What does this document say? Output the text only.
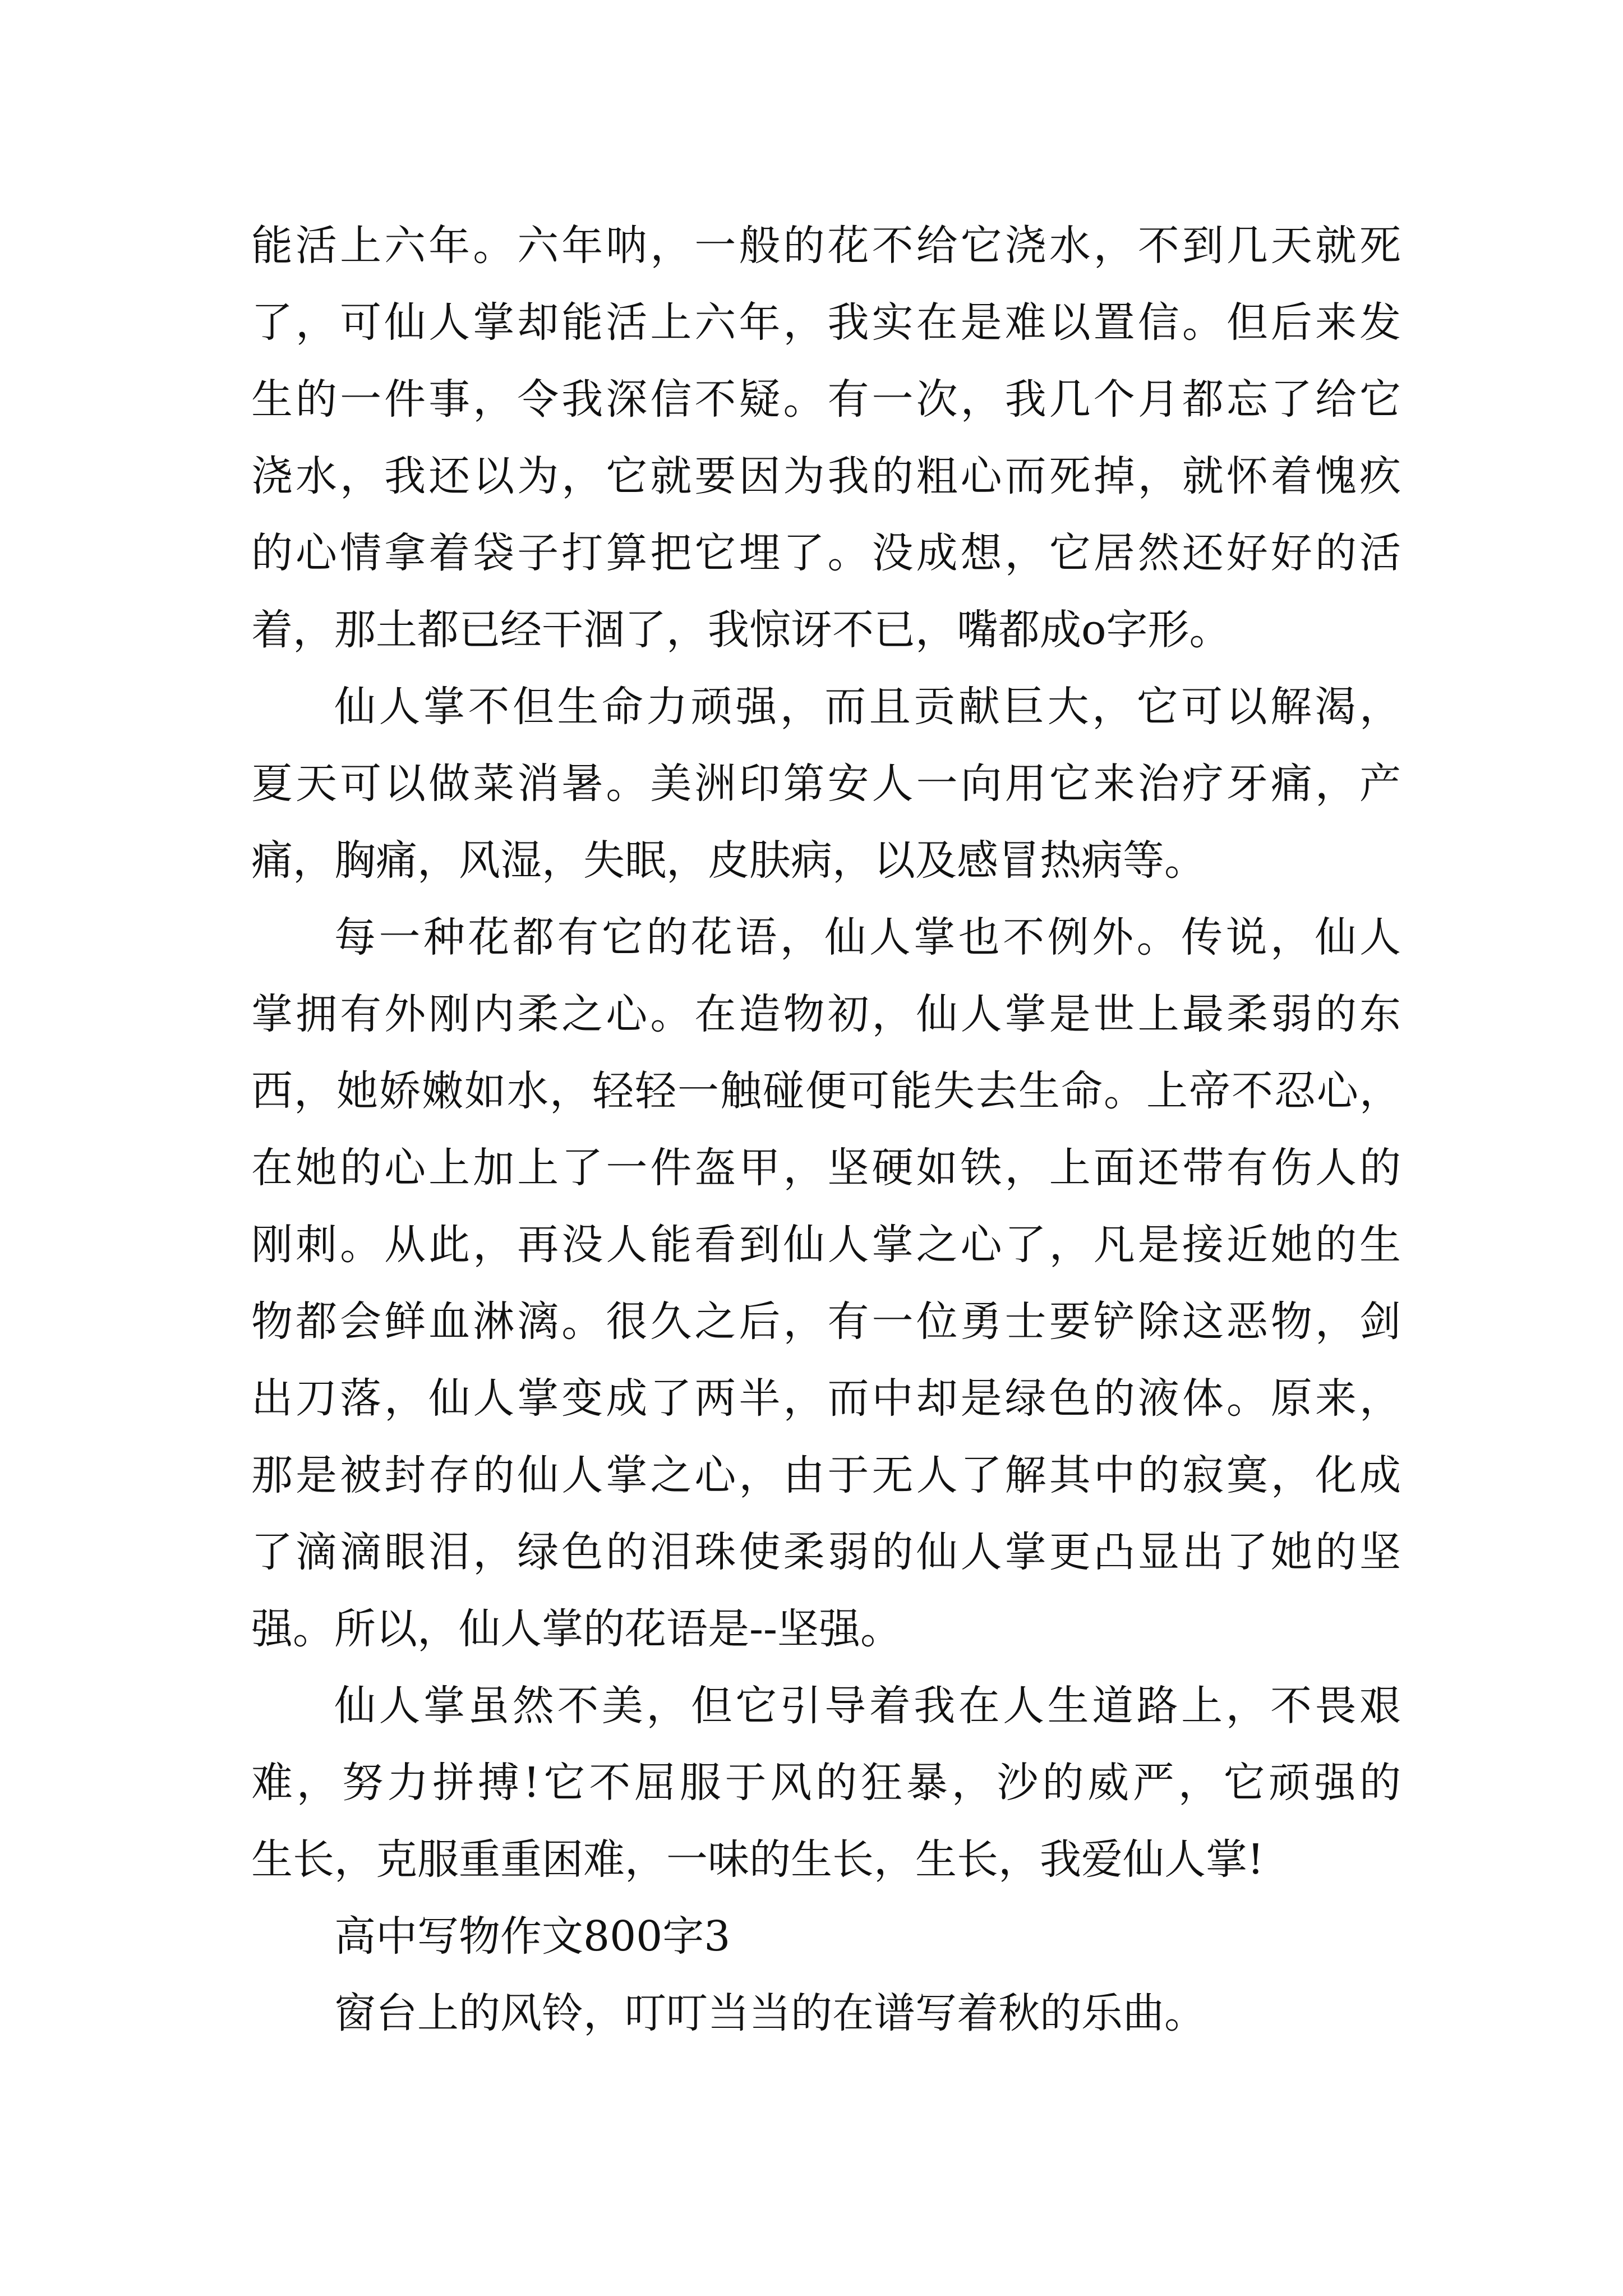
能活上六年。六年呐，一般的花不给它浇水，不到几天就死
了，可仙人掌却能活上六年，我实在是难以置信。但后来发
生的一件事，令我深信不疑。有一次，我几个月都忘了给它
浇水，我还以为，它就要因为我的粗心而死掉，就怀着愧疚
的心情拿着袋子打算把它埋了。没成想，它居然还好好的活
着，那土都已经干涸了，我惊讶不已，嘴都成o字形。
仙人掌不但生命力顽强，而且贡献巨大，它可以解渴，
夏天可以做菜消暑。美洲印第安人一向用它来治疗牙痛，产
痛，胸痛，风湿，失眠，皮肤病，以及感冒热病等。
每一种花都有它的花语，仙人掌也不例外。传说，仙人
掌拥有外刚内柔之心。在造物初，仙人掌是世上最柔弱的东
西，她娇嫩如水，轻轻一触碰便可能失去生命。上帝不忍心，
在她的心上加上了一件盔甲，坚硬如铁，上面还带有伤人的
刚刺。从此，再没人能看到仙人掌之心了，凡是接近她的生
物都会鲜血淋漓。很久之后，有一位勇士要铲除这恶物，剑
出刀落，仙人掌变成了两半，而中却是绿色的液体。原来，
那是被封存的仙人掌之心，由于无人了解其中的寂寞，化成
了滴滴眼泪，绿色的泪珠使柔弱的仙人掌更凸显出了她的坚
强。所以，仙人掌的花语是--坚强。
仙人掌虽然不美，但它引导着我在人生道路上，不畏艰
难，努力拼搏!它不屈服于风的狂暴，沙的威严，它顽强的
生长，克服重重困难，一味的生长，生长，我爱仙人掌!
高中写物作文800字3
窗台上的风铃，叮叮当当的在谱写着秋的乐曲。
